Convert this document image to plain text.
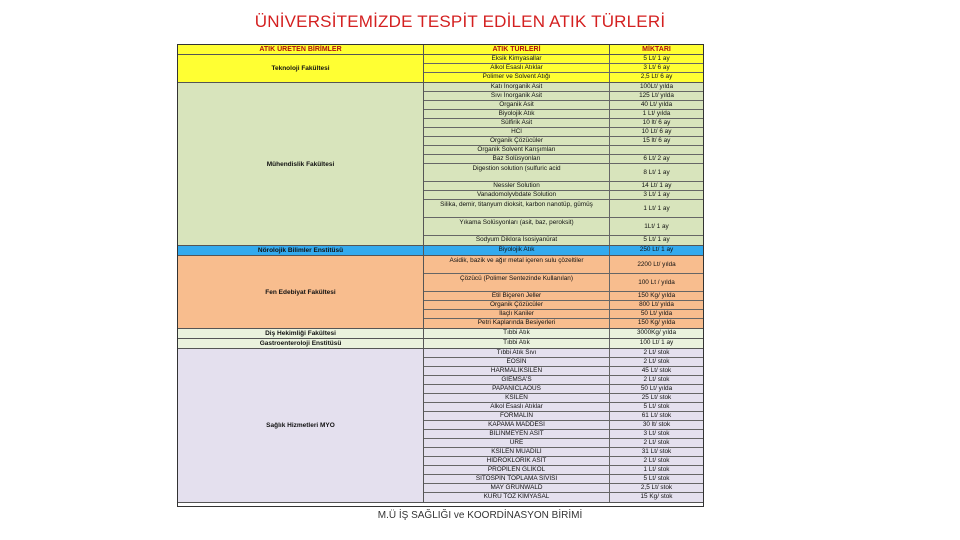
ÜNİVERSİTEMİZDE TESPİT EDİLEN ATIK TÜRLERİ
ATIK ÜRETEN BİRİMLER	ATIK TÜRLERİ	MİKTARI
Teknoloji Fakültesi
Eksik Kimyasallar	5 Lt/ 1 ay
Alkol Esaslı Atıklar	3 Lt/ 6 ay
Polimer ve Solvent Atığı	2,5 Lt/ 6 ay
Mühendislik Fakültesi
Katı İnorganik Asit	100Lt/ yılda
Sıvı İnorganik Asit	125 Lt/ yılda
Organik Asit	40 Lt/ yılda
Biyolojik Atık	1 Lt/ yılda
Sülfirik Asit	10 lt/ 6 ay
HCl	10 Lt/ 6 ay
Organik Çözücüler	15 lt/ 6 ay
Organik Solvent Karışımları
Baz Solüsyonları	6 Lt/ 2 ay
Digestion solution (sulfuric acid
8 Lt/ 1 ay
Nessler Solution	14 Lt/ 1 ay
Vanadomolyvbdate Solution	3 Lt/ 1 ay
Silika, demir, titanyum dioksit, karbon nanotüp, gümüş
1 Lt/ 1 ay
Yıkama Solüsyonları (asit, baz, peroksit)
1Lt/ 1 ay
Sodyum Diklora İsosiyanürat	5 Lt/ 1 ay
Nörolojik Bilimler Enstitüsü	Biyolojik Atık	250 Lt/ 1 ay
Fen Edebiyat Fakültesi
Asidik, bazik ve ağır metal içeren sulu çözeltiler
2200 Lt/ yılda
Çözücü (Polimer Sentezinde Kullanılan)
100 Lt / yılda
Etil Biçeren Jeller	150 Kg/ yılda
Organik Çözücüler	800 Lt/ yılda
İlaçlı Kaniler	50 Lt/ yılda
Petri Kaplarında Besiyerleri	150 Kg/ yılda
Diş Hekimliği Fakültesi	Tıbbi Atık	3000Kg/ yılda
Gastroenteroloji Enstitüsü	Tıbbi Atık	100 Lt/ 1 ay
Sağlık Hizmetleri MYO
Tıbbi Atık Sıvı	2 Lt/ stok
EOSİN	2 Lt/ stok
HARMALİKSİLEN	45 Lt/ stok
GİEMSA'S	2 Lt/ stok
PAPANİCLAOUS	50 Lt/ yılda
KSİLEN	25 Lt/ stok
Alkol Esaslı Atıklar	5 Lt/ stok
FORMALİN	61 Lt/ stok
KAPAMA MADDESİ	30 lt/ stok
BİLİNMEYEN ASİT	3 Lt/ stok
ÜRE	2 Lt/ stok
KSİLEN MUADİLİ	31 Lt/ stok
HİDROKLORİK ASİT	2 Lt/ stok
PROPİLEN GLİKOL	1 Lt/ stok
SİTOSPİN TOPLAMA SIVISI	5 Lt/ stok
MAY GRÜNWALD	2,5 Lt/ stok
KURU TOZ KİMYASAL	15 Kg/ stok
M.Ü İŞ SAĞLIĞI ve KOORDİNASYON BİRİMİ
